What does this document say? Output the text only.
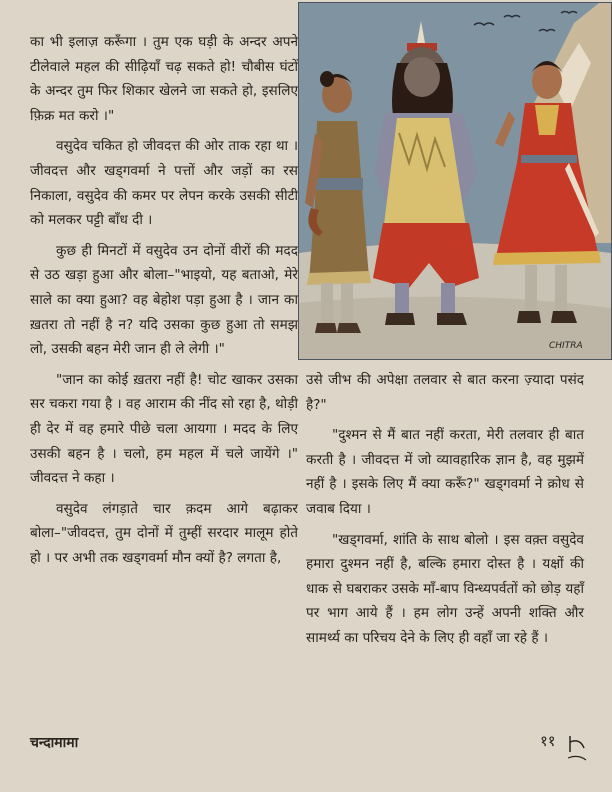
का भी इलाज़ करूँगा । तुम एक घड़ी के अन्दर अपने टीलेवाले महल की सीढ़ियाँ चढ़ सकते हो! चौबीस घंटों के अन्दर तुम फिर शिकार खेलने जा सकते हो, इसलिए फ़िक्र मत करो ।"

वसुदेव चकित हो जीवदत्त की ओर ताक रहा था । जीवदत्त और खड्गवर्मा ने पत्तों और जड़ों का रस निकाला, वसुदेव की कमर पर लेपन करके उसकी सीटी को मलकर पट्टी बाँध दी ।

कुछ ही मिनटों में वसुदेव उन दोनों वीरों की मदद से उठ खड़ा हुआ और बोला–"भाइयो, यह बताओ, मेरे साले का क्या हुआ? वह बेहोश पड़ा हुआ है । जान का ख़तरा तो नहीं है न? यदि उसका कुछ हुआ तो समझ लो, उसकी बहन मेरी जान ही ले लेगी ।"

"जान का कोई ख़तरा नहीं है! चोट खाकर उसका सर चकरा गया है । वह आराम की नींद सो रहा है, थोड़ी ही देर में वह हमारे पीछे चला आयगा । मदद के लिए उसकी बहन है । चलो, हम महल में चले जायेंगे ।" जीवदत्त ने कहा ।

वसुदेव लंगड़ाते चार क़दम आगे बढ़ाकर बोला–"जीवदत्त, तुम दोनों में तुम्हीं सरदार मालूम होते हो । पर अभी तक खड्गवर्मा मौन क्यों है? लगता है,

CHITRA

उसे जीभ की अपेक्षा तलवार से बात करना ज़्यादा पसंद है?"

"दुश्मन से मैं बात नहीं करता, मेरी तलवार ही बात करती है । जीवदत्त में जो व्यावहारिक ज्ञान है, वह मुझमें नहीं है । इसके लिए मैं क्या करूँ?" खड्गवर्मा ने क्रोध से जवाब दिया ।

"खड्गवर्मा, शांति के साथ बोलो । इस वक़्त वसुदेव हमारा दुश्मन नहीं है, बल्कि हमारा दोस्त है । यक्षों की धाक से घबराकर उसके माँ-बाप विन्ध्यपर्वतों को छोड़ यहाँ पर भाग आये हैं । हम लोग उन्हें अपनी शक्ति और सामर्थ्य का परिचय देने के लिए ही वहाँ जा रहे हैं ।

चन्दामामा	११
